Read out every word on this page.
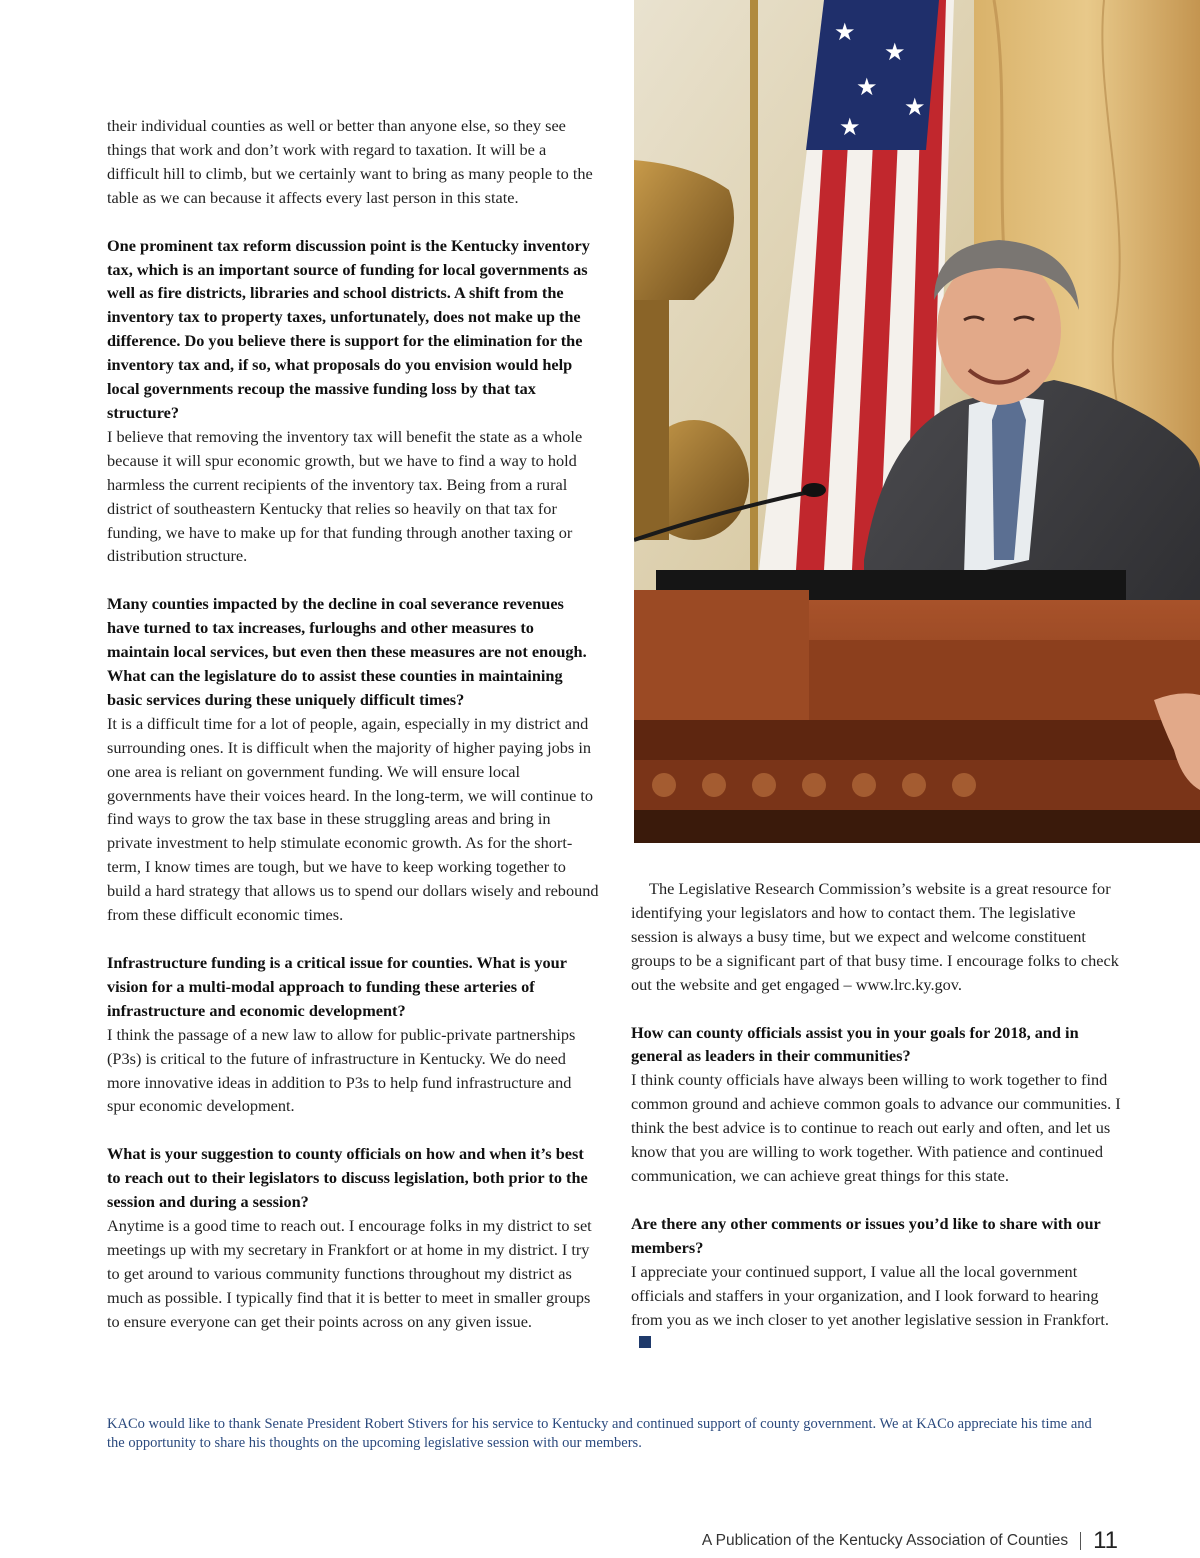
their individual counties as well or better than anyone else, so they see things that work and don’t work with regard to taxation. It will be a difficult hill to climb, but we certainly want to bring as many people to the table as we can because it affects every last person in this state.

One prominent tax reform discussion point is the Kentucky inventory tax, which is an important source of funding for local governments as well as fire districts, libraries and school districts. A shift from the inventory tax to property taxes, unfortunately, does not make up the difference. Do you believe there is support for the elimination for the inventory tax and, if so, what proposals do you envision would help local governments recoup the massive funding loss by that tax structure?

I believe that removing the inventory tax will benefit the state as a whole because it will spur economic growth, but we have to find a way to hold harmless the current recipients of the inventory tax. Being from a rural district of southeastern Kentucky that relies so heavily on that tax for funding, we have to make up for that funding through another taxing or distribution structure.

Many counties impacted by the decline in coal severance revenues have turned to tax increases, furloughs and other measures to maintain local services, but even then these measures are not enough. What can the legislature do to assist these counties in maintaining basic services during these uniquely difficult times?

It is a difficult time for a lot of people, again, especially in my district and surrounding ones. It is difficult when the majority of higher paying jobs in one area is reliant on government funding. We will ensure local governments have their voices heard. In the long-term, we will continue to find ways to grow the tax base in these struggling areas and bring in private investment to help stimulate economic growth. As for the short-term, I know times are tough, but we have to keep working together to build a hard strategy that allows us to spend our dollars wisely and rebound from these difficult economic times.

Infrastructure funding is a critical issue for counties. What is your vision for a multi-modal approach to funding these arteries of infrastructure and economic development?

I think the passage of a new law to allow for public-private partnerships (P3s) is critical to the future of infrastructure in Kentucky. We do need more innovative ideas in addition to P3s to help fund infrastructure and spur economic development.

What is your suggestion to county officials on how and when it’s best to reach out to their legislators to discuss legislation, both prior to the session and during a session?

Anytime is a good time to reach out. I encourage folks in my district to set meetings up with my secretary in Frankfort or at home in my district. I try to get around to various community functions throughout my district as much as possible. I typically find that it is better to meet in smaller groups to ensure everyone can get their points across on any given issue.

★
★
★
★
★

The Legislative Research Commission’s website is a great resource for identifying your legislators and how to contact them. The legislative session is always a busy time, but we expect and welcome constituent groups to be a significant part of that busy time. I encourage folks to check out the website and get engaged – www.lrc.ky.gov.

How can county officials assist you in your goals for 2018, and in general as leaders in their communities?

I think county officials have always been willing to work together to find common ground and achieve common goals to advance our communities. I think the best advice is to continue to reach out early and often, and let us know that you are willing to work together. With patience and continued communication, we can achieve great things for this state.

Are there any other comments or issues you’d like to share with our members?

I appreciate your continued support, I value all the local government officials and staffers in your organization, and I look forward to hearing from you as we inch closer to yet another legislative session in Frankfort.

KACo would like to thank Senate President Robert Stivers for his service to Kentucky and continued support of county government. We at KACo appreciate his time and the opportunity to share his thoughts on the upcoming legislative session with our members.

A Publication of the Kentucky Association of Counties 11
